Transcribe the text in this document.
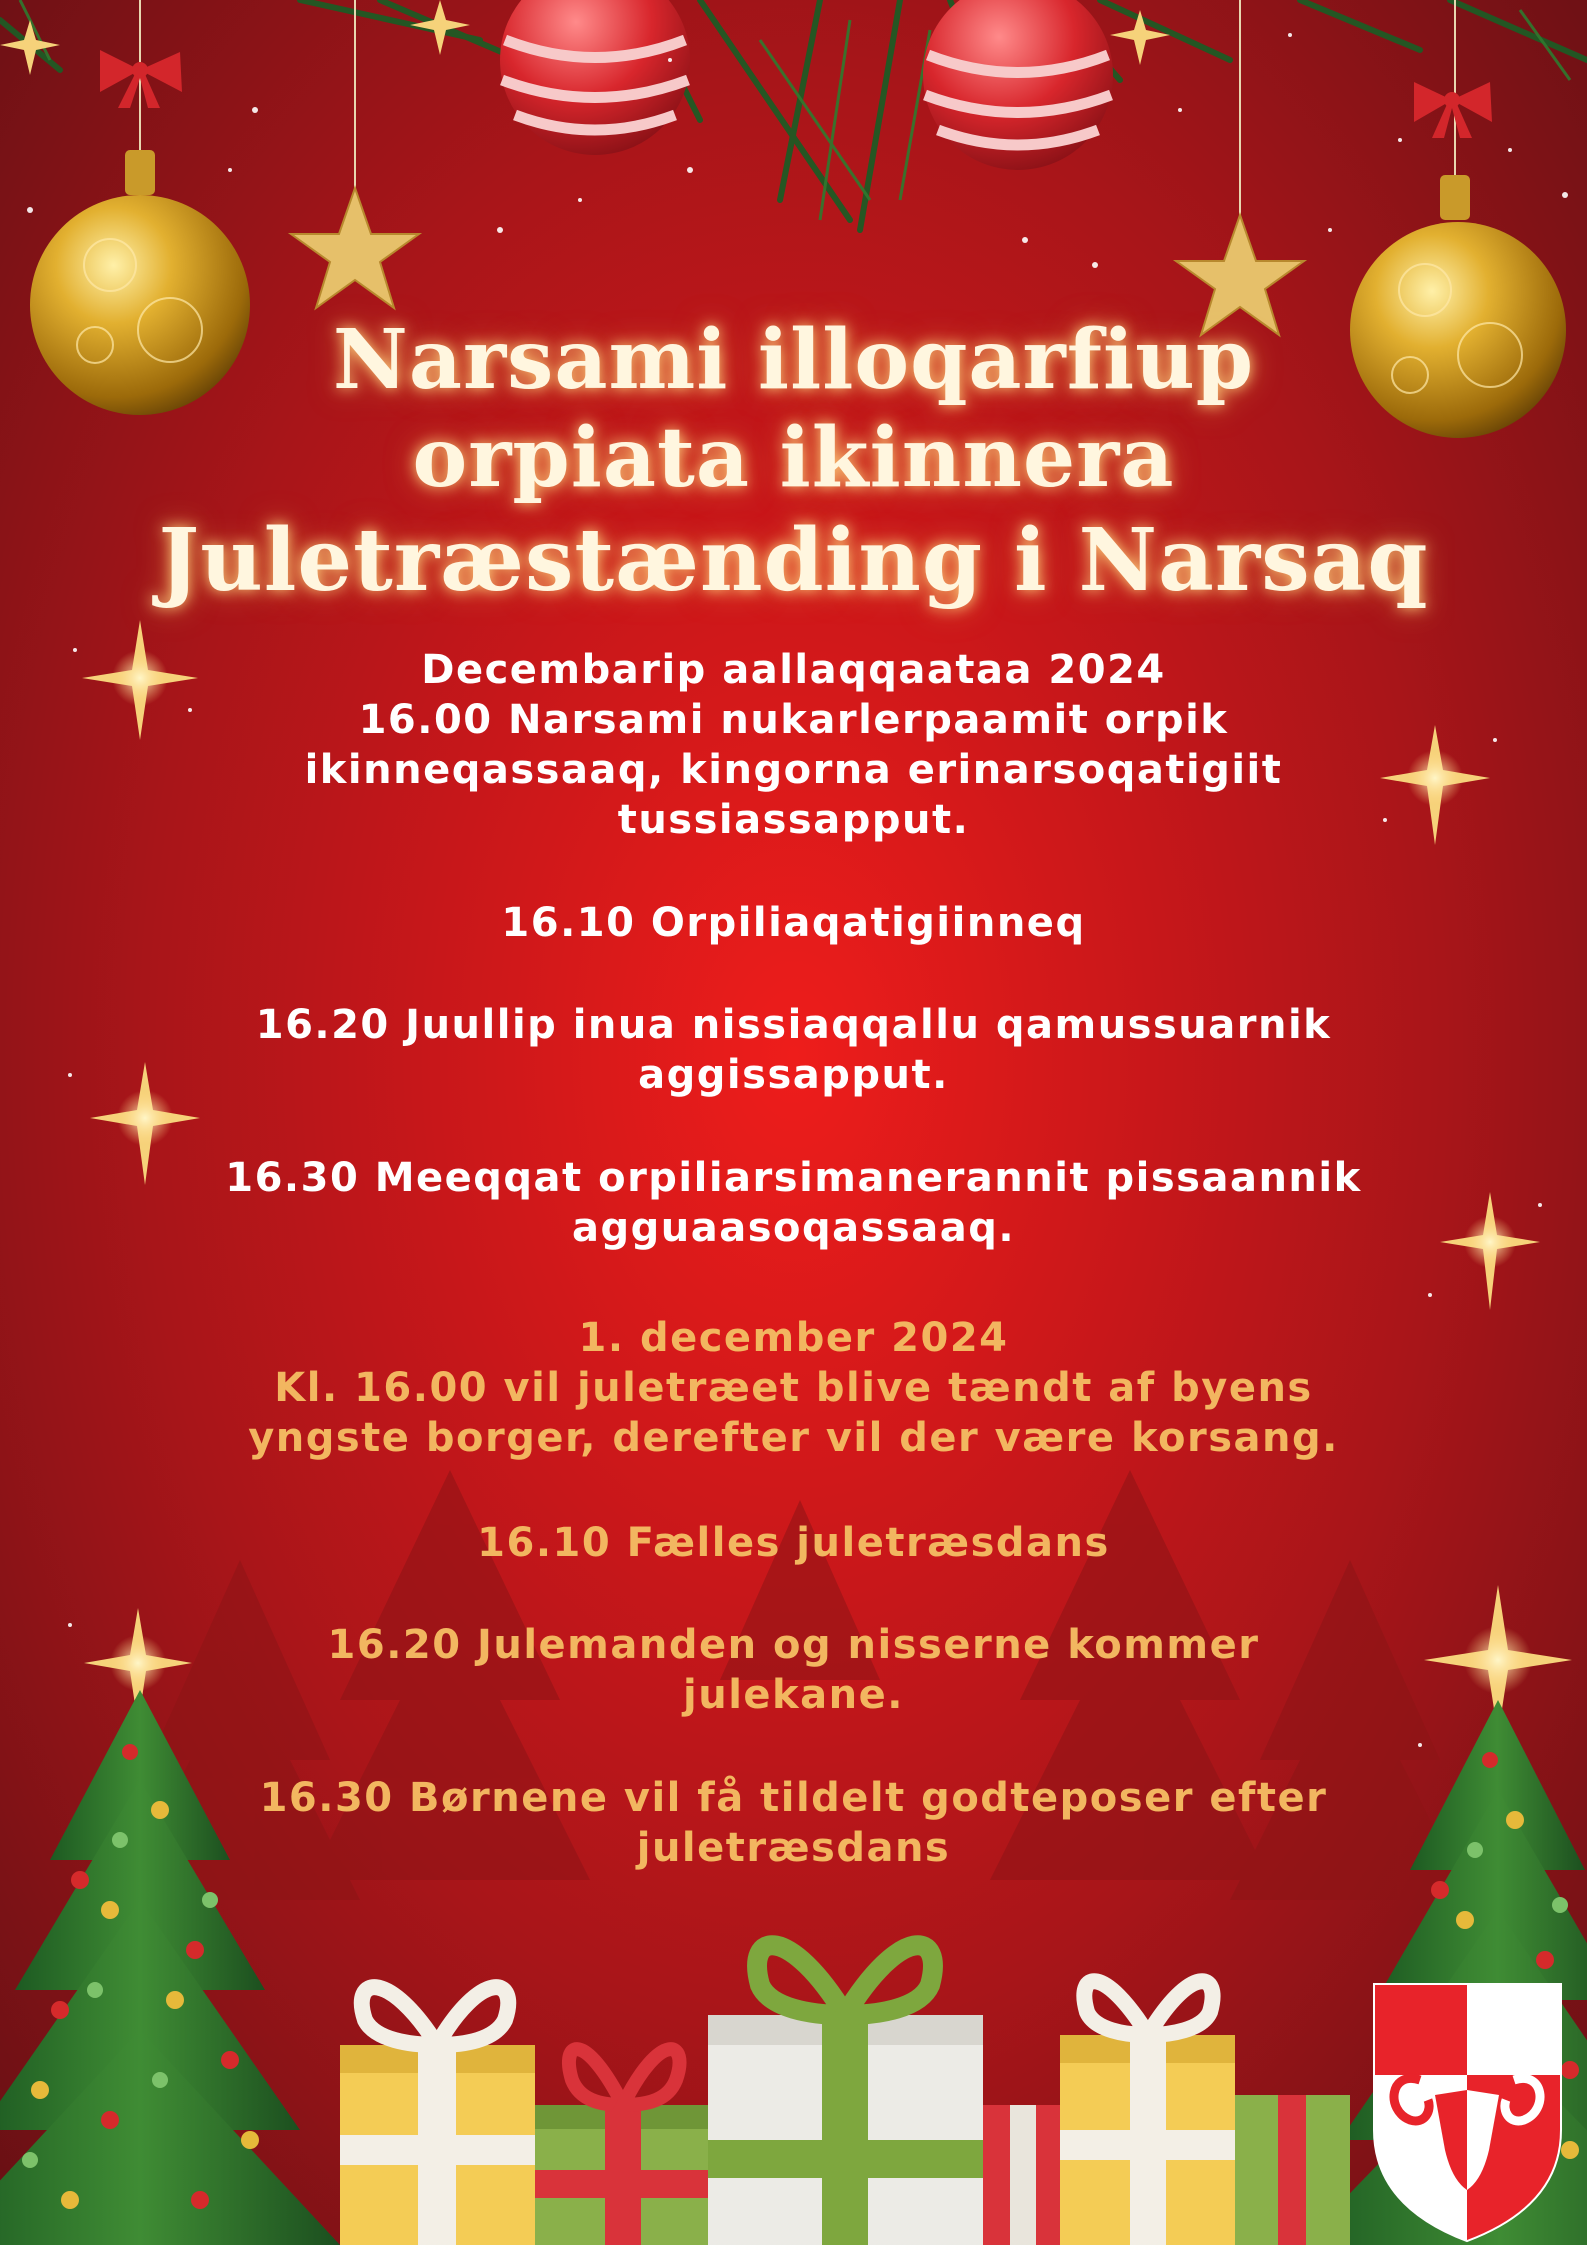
Narsami illoqarfiup
orpiata ikinnera
Juletræstænding i Narsaq
Decembarip aallaqqaataa 2024
16.00 Narsami nukarlerpaamit orpik
ikinneqassaaq, kingorna erinarsoqatigiit
tussiassapput.
16.10 Orpiliaqatigiinneq
16.20 Juullip inua nissiaqqallu qamussuarnik
aggissapput.
16.30 Meeqqat orpiliarsimanerannit pissaannik
agguaasoqassaaq.
1. december 2024
Kl. 16.00 vil juletræet blive tændt af byens
yngste borger, derefter vil der være korsang.
16.10 Fælles juletræsdans
16.20 Julemanden og nisserne kommer
julekane.
16.30 Børnene vil få tildelt godteposer efter
juletræsdans
